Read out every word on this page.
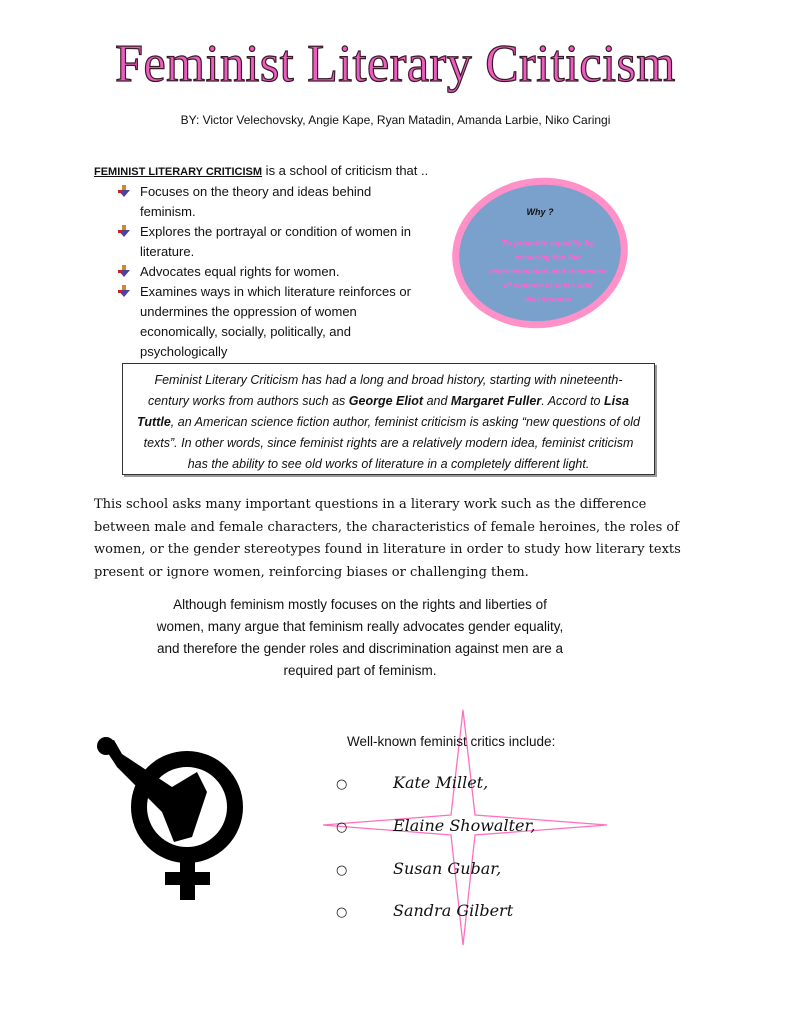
Feminist Literary Criticism
BY: Victor Velechovsky, Angie Kape, Ryan Matadin, Amanda Larbie, Niko Caringi
FEMINIST LITERARY CRITICISM is a school of criticism that ..
Focuses on the theory and ideas behind feminism.
Explores the portrayal or condition of women in literature.
Advocates equal rights for women.
Examines ways in which literature reinforces or undermines the oppression of women economically, socially, politically, and psychologically
Why ?
To promote equality by ensuring the fair representation and treatment of women in texts and classrooms
Feminist Literary Criticism has had a long and broad history, starting with nineteenth-century works from authors such as George Eliot and Margaret Fuller. Accord to Lisa Tuttle, an American science fiction author, feminist criticism is asking “new questions of old texts”. In other words, since feminist rights are a relatively modern idea, feminist criticism has the ability to see old works of literature in a completely different light.
This school asks many important questions in a literary work such as the difference between male and female characters, the characteristics of female heroines, the roles of women, or the gender stereotypes found in literature in order to study how literary texts present or ignore women, reinforcing biases or challenging them.
Although feminism mostly focuses on the rights and liberties of women, many argue that feminism really advocates gender equality, and therefore the gender roles and discrimination against men are a required part of feminism.
Well-known feminist critics include:
○	Kate Millet,
○	Elaine Showalter,
○	Susan Gubar,
○	Sandra Gilbert
